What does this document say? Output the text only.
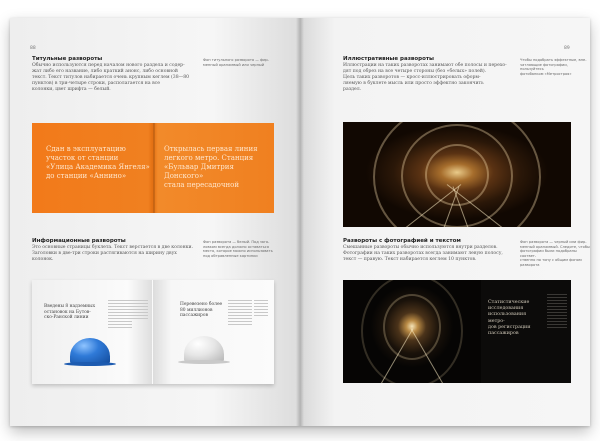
88
Титульные развороты
Обычно используются перед началом нового раздела и содер-
жат либо его название, либо краткий анонс, либо основной
текст. Текст титулов набирается очень крупным кеглем (38—80
пунктов) в три-четыре строки, располагается на все
колонки, цвет шрифта — белый.
Фон титульного разворота — фир-
менный оранжевый или черный
Сдан в эксплуатацию
участок от станции
«Улица Академика Янгеля»
до станции «Аннино»
Открылась первая линия
легкого метро. Станция
«Бульвар Дмитрия Донского»
стала пересадочной
Информационные развороты
Это основные страницы буклета. Текст верстается в две колонки.
Заголовки в две-три строки растягиваются на ширину двух
колонок.
Фон разворота — белый. Под заго-
ловком всегда должно оставаться
место, которое можно использовать
под обтравленные картинки
Введены 8 надземных
остановок на Бутов-
ско-Ранской линии
Перевезено более
80 миллионов
пассажиров
89
Иллюстративные развороты
Иллюстрации на таких разворотах занимают обе полосы и перехо-
дят под обрез на все четыре стороны (без «белых» полей).
Цель таких разворотов — кросс-иллюстрировать оформ-
ляемую в буклете мысль или просто эффектно закончить
раздел.
Чтобы подобрать эффектные, впе-
чатляющие фотографии, пользуйтесь
фотобанком «Метростроя»
Развороты с фотографией и текстом
Смешанные развороты обычно используются внутри разделов.
Фотографии на таких разворотах всегда занимают левую полосу,
текст — правую. Текст набирается кеглем 10 пунктов.
Фон разворота — черный или фир-
менный оранжевый. Следите, чтобы
фотографии были подобраны соответ-
ственно по тону с общим фоном разворота
Статистические
исследования
использования метро-
дов регистрации
пассажиров
